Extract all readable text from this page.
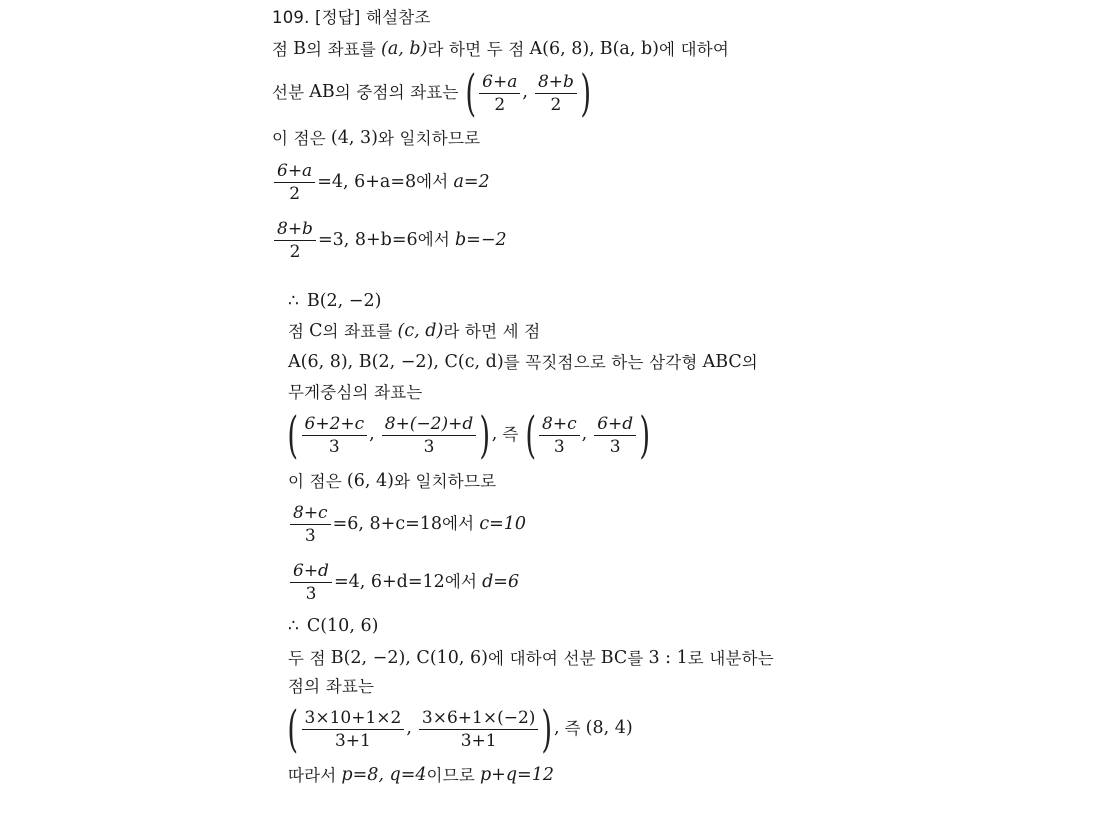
109. [정답] 해설참조
점 B 의 좌표를 (a, b) 라 하면 두 점 A(6, 8), B(a, b) 에 대하여
선분 AB 의 중점의 좌표는 ( $\frac{6+a}{2}$ , $\frac{8+b}{2}$ )
이 점은 (4, 3) 와 일치하므로
$\frac{6+a}{2} =4$, 6+a=8 에서 a=2
$\frac{8+b}{2} =3$, 8+b=6 에서 b=−2
∴ B(2, −2)
점 C 의 좌표를 (c, d) 라 하면 세 점
A(6, 8), B(2, −2), C(c, d) 를 꼭짓점으로 하는 삼각형 ABC 의
무게중심의 좌표는
( $\frac{6+2+c}{3}$ , $\frac{8+(-2)+d}{3}$ ) , 즉 ( $\frac{8+c}{3}$ , $\frac{6+d}{3}$ )
이 점은 (6, 4) 와 일치하므로
$\frac{8+c}{3} =6$, 8+c=18 에서 c=10
$\frac{6+d}{3} =4$, 6+d=12 에서 d=6
∴ C(10, 6)
두 점 B(2, −2), C(10, 6) 에 대하여 선분 BC 를 3 : 1 로 내분하는
점의 좌표는
( $\frac{3\times 10+1\times 2}{3+1}$ , $\frac{3\times 6+1\times(-2)}{3+1}$ ) , 즉 (8, 4)
따라서 p=8, q=4 이므로 p+q=12
